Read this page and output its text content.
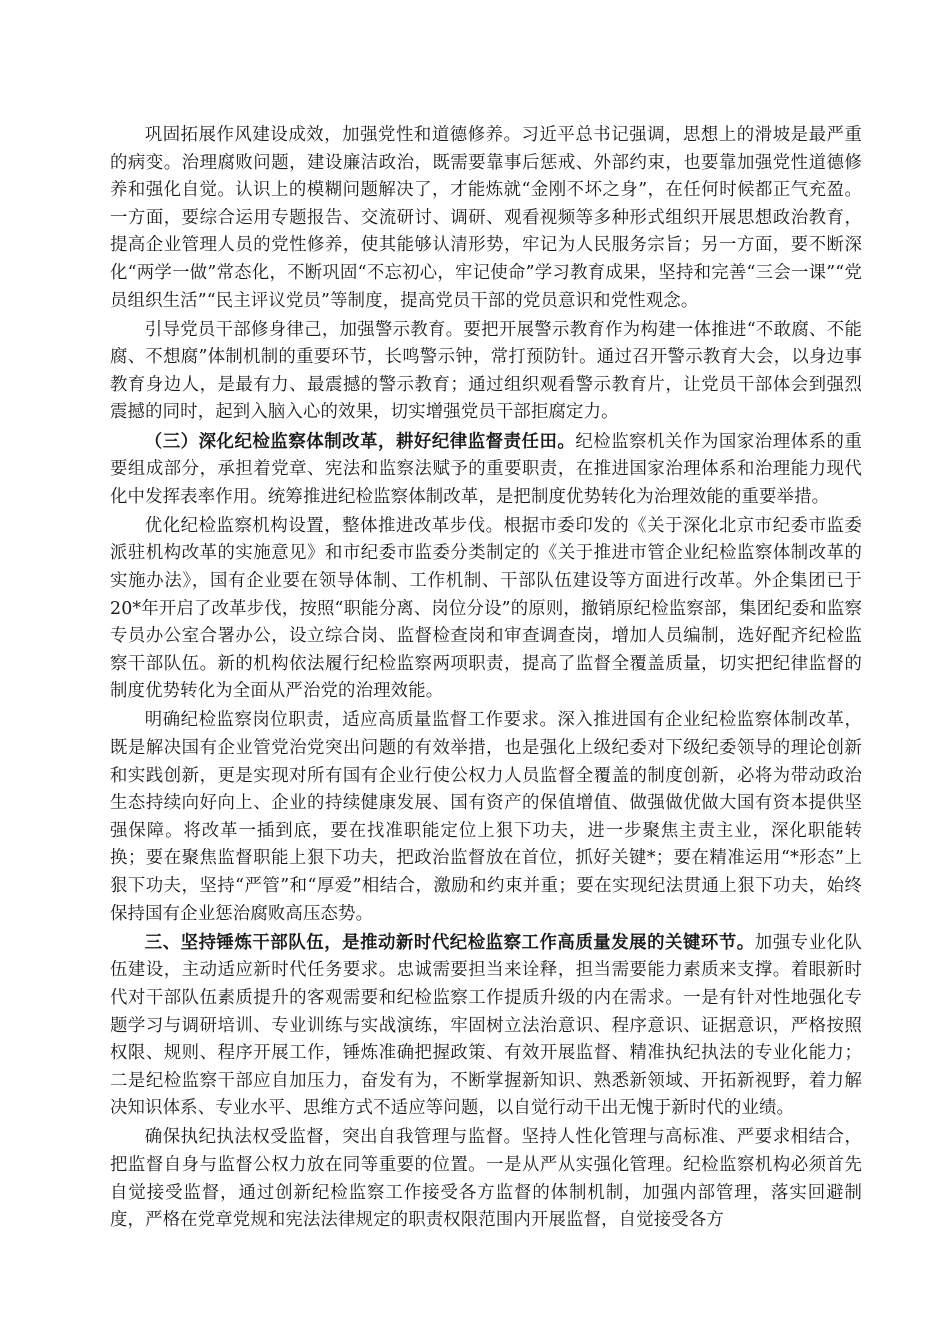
巩固拓展作风建设成效，加强党性和道德修养。习近平总书记强调，思想上的滑坡是最严重的病变。治理腐败问题，建设廉洁政治，既需要靠事后惩戒、外部约束，也要靠加强党性道德修养和强化自觉。认识上的模糊问题解决了，才能炼就“金刚不坏之身”，在任何时候都正气充盈。一方面，要综合运用专题报告、交流研讨、调研、观看视频等多种形式组织开展思想政治教育，提高企业管理人员的党性修养，使其能够认清形势，牢记为人民服务宗旨；另一方面，要不断深化“两学一做”常态化，不断巩固“不忘初心，牢记使命”学习教育成果，坚持和完善“三会一课”“党员组织生活”“民主评议党员”等制度，提高党员干部的党员意识和党性观念。

引导党员干部修身律己，加强警示教育。要把开展警示教育作为构建一体推进“不敢腐、不能腐、不想腐”体制机制的重要环节，长鸣警示钟，常打预防针。通过召开警示教育大会，以身边事教育身边人，是最有力、最震撼的警示教育；通过组织观看警示教育片，让党员干部体会到强烈震撼的同时，起到入脑入心的效果，切实增强党员干部拒腐定力。

（三）深化纪检监察体制改革，耕好纪律监督责任田。纪检监察机关作为国家治理体系的重要组成部分，承担着党章、宪法和监察法赋予的重要职责，在推进国家治理体系和治理能力现代化中发挥表率作用。统筹推进纪检监察体制改革，是把制度优势转化为治理效能的重要举措。

优化纪检监察机构设置，整体推进改革步伐。根据市委印发的《关于深化北京市纪委市监委派驻机构改革的实施意见》和市纪委市监委分类制定的《关于推进市管企业纪检监察体制改革的实施办法》，国有企业要在领导体制、工作机制、干部队伍建设等方面进行改革。外企集团已于20*年开启了改革步伐，按照“职能分离、岗位分设”的原则，撤销原纪检监察部，集团纪委和监察专员办公室合署办公，设立综合岗、监督检查岗和审查调查岗，增加人员编制，选好配齐纪检监察干部队伍。新的机构依法履行纪检监察两项职责，提高了监督全覆盖质量，切实把纪律监督的制度优势转化为全面从严治党的治理效能。

明确纪检监察岗位职责，适应高质量监督工作要求。深入推进国有企业纪检监察体制改革，既是解决国有企业管党治党突出问题的有效举措，也是强化上级纪委对下级纪委领导的理论创新和实践创新，更是实现对所有国有企业行使公权力人员监督全覆盖的制度创新，必将为带动政治生态持续向好向上、企业的持续健康发展、国有资产的保值增值、做强做优做大国有资本提供坚强保障。将改革一插到底，要在找准职能定位上狠下功夫，进一步聚焦主责主业，深化职能转换；要在聚焦监督职能上狠下功夫，把政治监督放在首位，抓好关键*；要在精准运用“*形态”上狠下功夫，坚持“严管”和“厚爱”相结合，激励和约束并重；要在实现纪法贯通上狠下功夫，始终保持国有企业惩治腐败高压态势。

三、坚持锤炼干部队伍，是推动新时代纪检监察工作高质量发展的关键环节。加强专业化队伍建设，主动适应新时代任务要求。忠诚需要担当来诠释，担当需要能力素质来支撑。着眼新时代对干部队伍素质提升的客观需要和纪检监察工作提质升级的内在需求。一是有针对性地强化专题学习与调研培训、专业训练与实战演练，牢固树立法治意识、程序意识、证据意识，严格按照权限、规则、程序开展工作，锤炼准确把握政策、有效开展监督、精准执纪执法的专业化能力；二是纪检监察干部应自加压力，奋发有为，不断掌握新知识、熟悉新领域、开拓新视野，着力解决知识体系、专业水平、思维方式不适应等问题，以自觉行动干出无愧于新时代的业绩。

确保执纪执法权受监督，突出自我管理与监督。坚持人性化管理与高标准、严要求相结合，把监督自身与监督公权力放在同等重要的位置。一是从严从实强化管理。纪检监察机构必须首先自觉接受监督，通过创新纪检监察工作接受各方监督的体制机制，加强内部管理，落实回避制度，严格在党章党规和宪法法律规定的职责权限范围内开展监督，自觉接受各方
